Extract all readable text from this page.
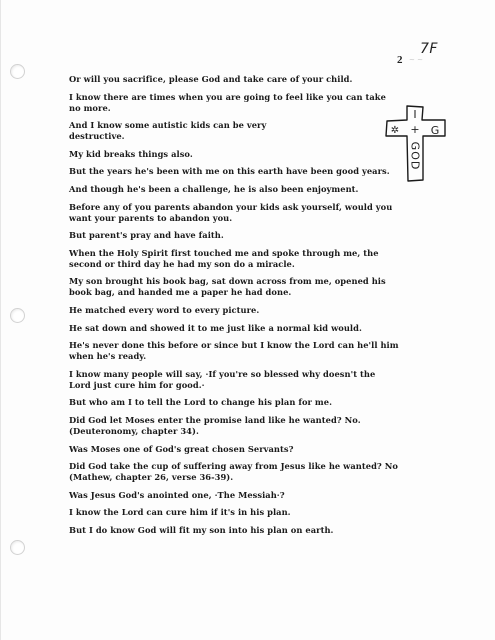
7F
2 ~ ~
I
✲ + G
GOD

Or will you sacrifice, please God and take care of your child.

I know there are times when you are going to feel like you can take no more.

And I know some autistic kids can be very destructive.

My kid breaks things also.

But the years he's been with me on this earth have been good years.

And though he's been a challenge, he is also been enjoyment.

Before any of you parents abandon your kids ask yourself, would you want your parents to abandon you.

But parent's pray and have faith.

When the Holy Spirit first touched me and spoke through me, the second or third day he had my son do a miracle.

My son brought his book bag, sat down across from me, opened his book bag, and handed me a paper he had done.

He matched every word to every picture.

He sat down and showed it to me just like a normal kid would.

He's never done this before or since but I know the Lord can he'll him when he's ready.

I know many people will say, ·If you're so blessed why doesn't the Lord just cure him for good.·

But who am I to tell the Lord to change his plan for me.

Did God let Moses enter the promise land like he wanted? No. (Deuteronomy, chapter 34).

Was Moses one of God's great chosen Servants?

Did God take the cup of suffering away from Jesus like he wanted? No (Mathew, chapter 26, verse 36-39).

Was Jesus God's anointed one, ·The Messiah·?

I know the Lord can cure him if it's in his plan.

But I do know God will fit my son into his plan on earth.
